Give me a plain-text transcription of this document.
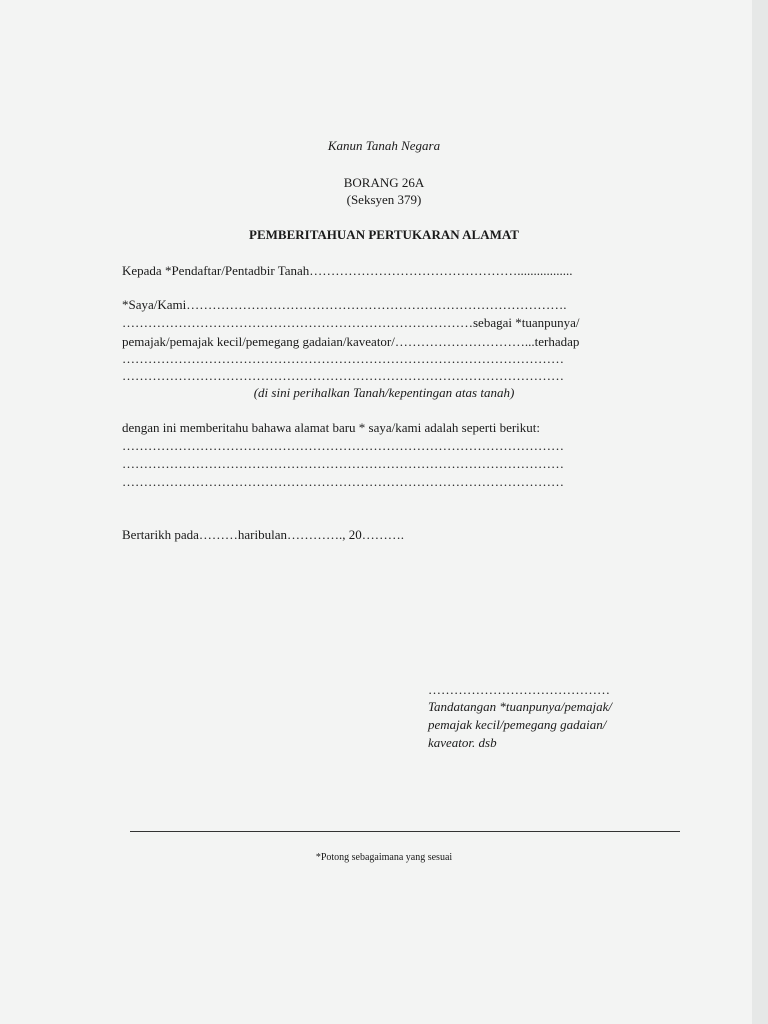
Kanun Tanah Negara
BORANG 26A
(Seksyen 379)
PEMBERITAHUAN PERTUKARAN ALAMAT
Kepada *Pendaftar/Pentadbir Tanah………………………………………….................
*Saya/Kami…………………………………………………………………………….
………………………………………………………………………sebagai *tuanpunya/
pemajak/pemajak kecil/pemegang gadaian/kaveator/…………………………...terhadap
…………………………………………………………………………………………
…………………………………………………………………………………………
(di sini perihalkan Tanah/kepentingan atas tanah)
dengan ini memberitahu bahawa alamat baru * saya/kami adalah seperti berikut:
…………………………………………………………………………………………
…………………………………………………………………………………………
…………………………………………………………………………………………
Bertarikh pada………haribulan…………., 20……….
……………………………………
Tandatangan *tuanpunya/pemajak/
pemajak kecil/pemegang gadaian/
kaveator. dsb
*Potong sebagaimana yang sesuai
